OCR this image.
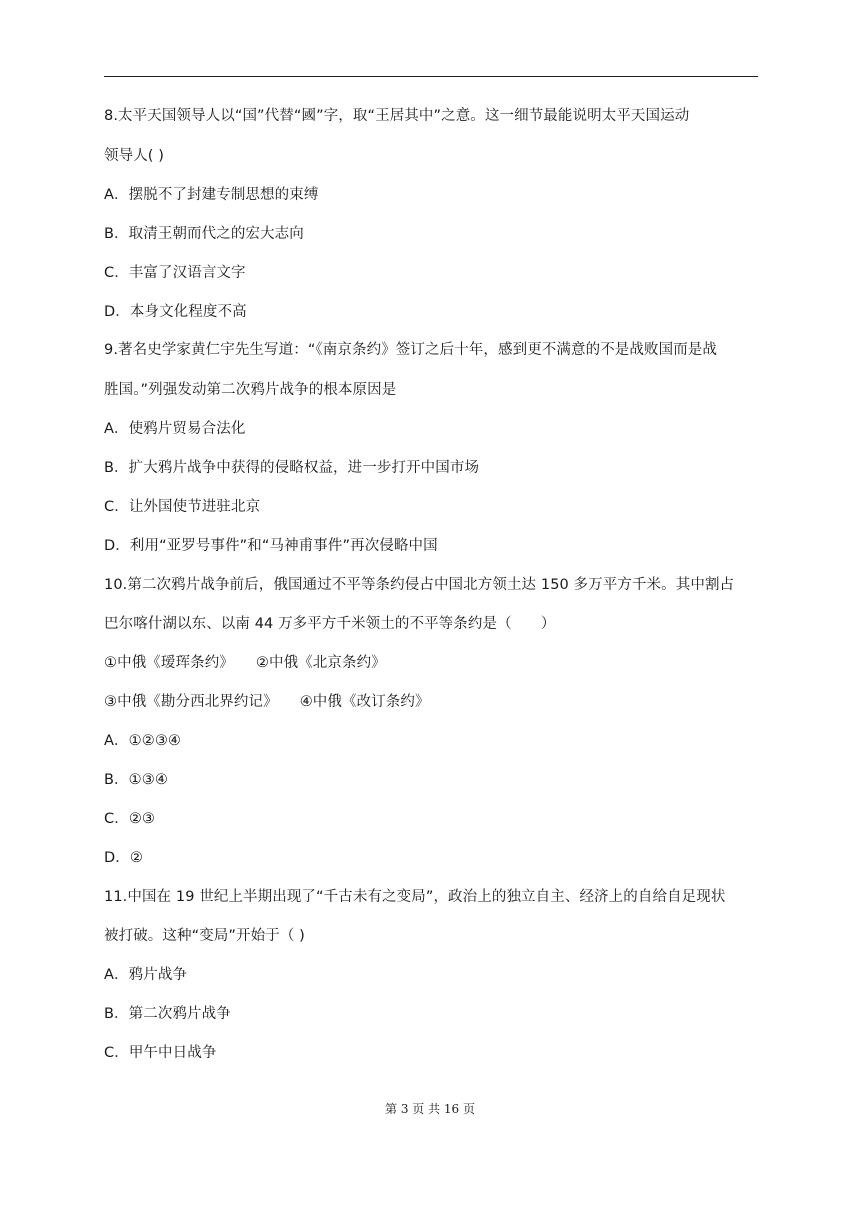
8.太平天国领导人以“国”代替“國”字，取“王居其中”之意。这一细节最能说明太平天国运动
领导人( )
A．摆脱不了封建专制思想的束缚
B．取清王朝而代之的宏大志向
C．丰富了汉语言文字
D．本身文化程度不高
9.著名史学家黄仁宇先生写道：“《南京条约》签订之后十年，感到更不满意的不是战败国而是战
胜国。”列强发动第二次鸦片战争的根本原因是
A．使鸦片贸易合法化
B．扩大鸦片战争中获得的侵略权益，进一步打开中国市场
C．让外国使节进驻北京
D．利用“亚罗号事件”和“马神甫事件”再次侵略中国
10.第二次鸦片战争前后，俄国通过不平等条约侵占中国北方领土达 150 多万平方千米。其中割占
巴尔喀什湖以东、以南 44 万多平方千米领土的不平等条约是（　　）
①中俄《瑷珲条约》 ②中俄《北京条约》
③中俄《勘分西北界约记》 ④中俄《改订条约》
A．①②③④
B．①③④
C．②③
D．②
11.中国在 19 世纪上半期出现了“千古未有之变局”，政治上的独立自主、经济上的自给自足现状
被打破。这种“变局”开始于（ )
A．鸦片战争
B．第二次鸦片战争
C．甲午中日战争
第 3 页 共 16 页
